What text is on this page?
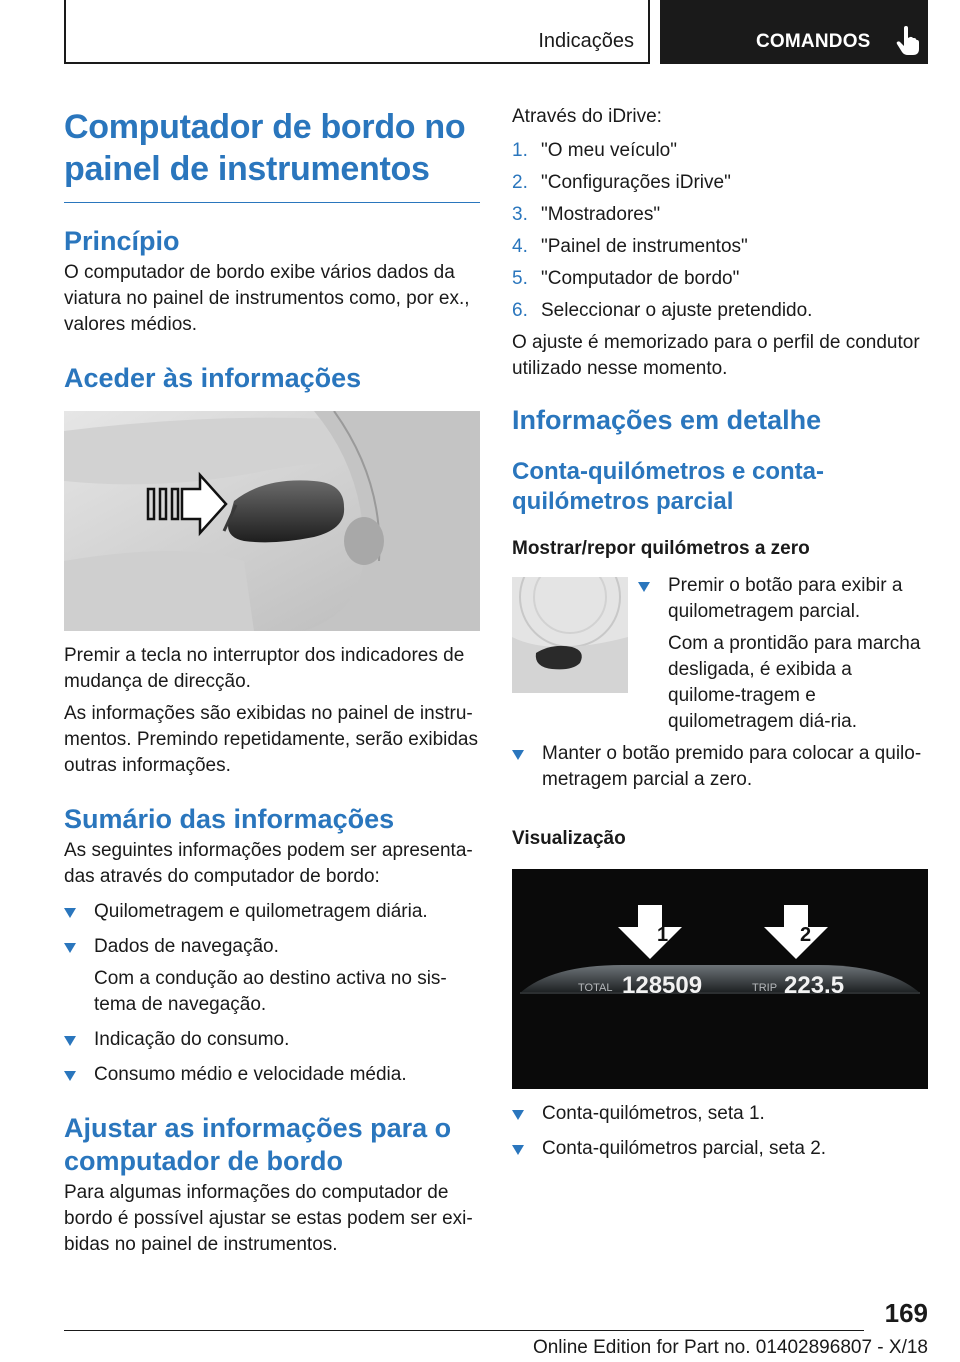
Indicações	COMANDOS
Computador de bordo no
painel de instrumentos
Princípio

O computador de bordo exibe vários dados da viatura no painel de instrumentos como, por ex., valores médios.

Aceder às informações

Premir a tecla no interruptor dos indicadores de mudança de direcção.

As informações são exibidas no painel de instru‐mentos. Premindo repetidamente, serão exibidas outras informações.

Sumário das informações

As seguintes informações podem ser apresenta‐das através do computador de bordo:

Quilometragem e quilometragem diária.
Dados de navegação.
Com a condução ao destino activa no sis‐tema de navegação.
Indicação do consumo.
Consumo médio e velocidade média.
Ajustar as informações para o
computador de bordo

Para algumas informações do computador de bordo é possível ajustar se estas podem ser exi‐bidas no painel de instrumentos.

Através do iDrive:

1. "O meu veículo"
2. "Configurações iDrive"
3. "Mostradores"
4. "Painel de instrumentos"
5. "Computador de bordo"
6. Seleccionar o ajuste pretendido.

O ajuste é memorizado para o perfil de condutor utilizado nesse momento.

Informações em detalhe
Conta-quilómetros e conta-
quilómetros parcial
Mostrar/repor quilómetros a zero
Premir o botão para exibir a quilometragem parcial.
Com a prontidão para marcha desligada, é exibida a quilome‐tragem e quilometragem diá‐ria.
Manter o botão premido para colocar a quilo‐metragem parcial a zero.
Visualização
1	2
TOTAL 128509	TRIP 223.5
Conta-quilómetros, seta 1.
Conta-quilómetros parcial, seta 2.
169
Online Edition for Part no. 01402896807 - X/18
